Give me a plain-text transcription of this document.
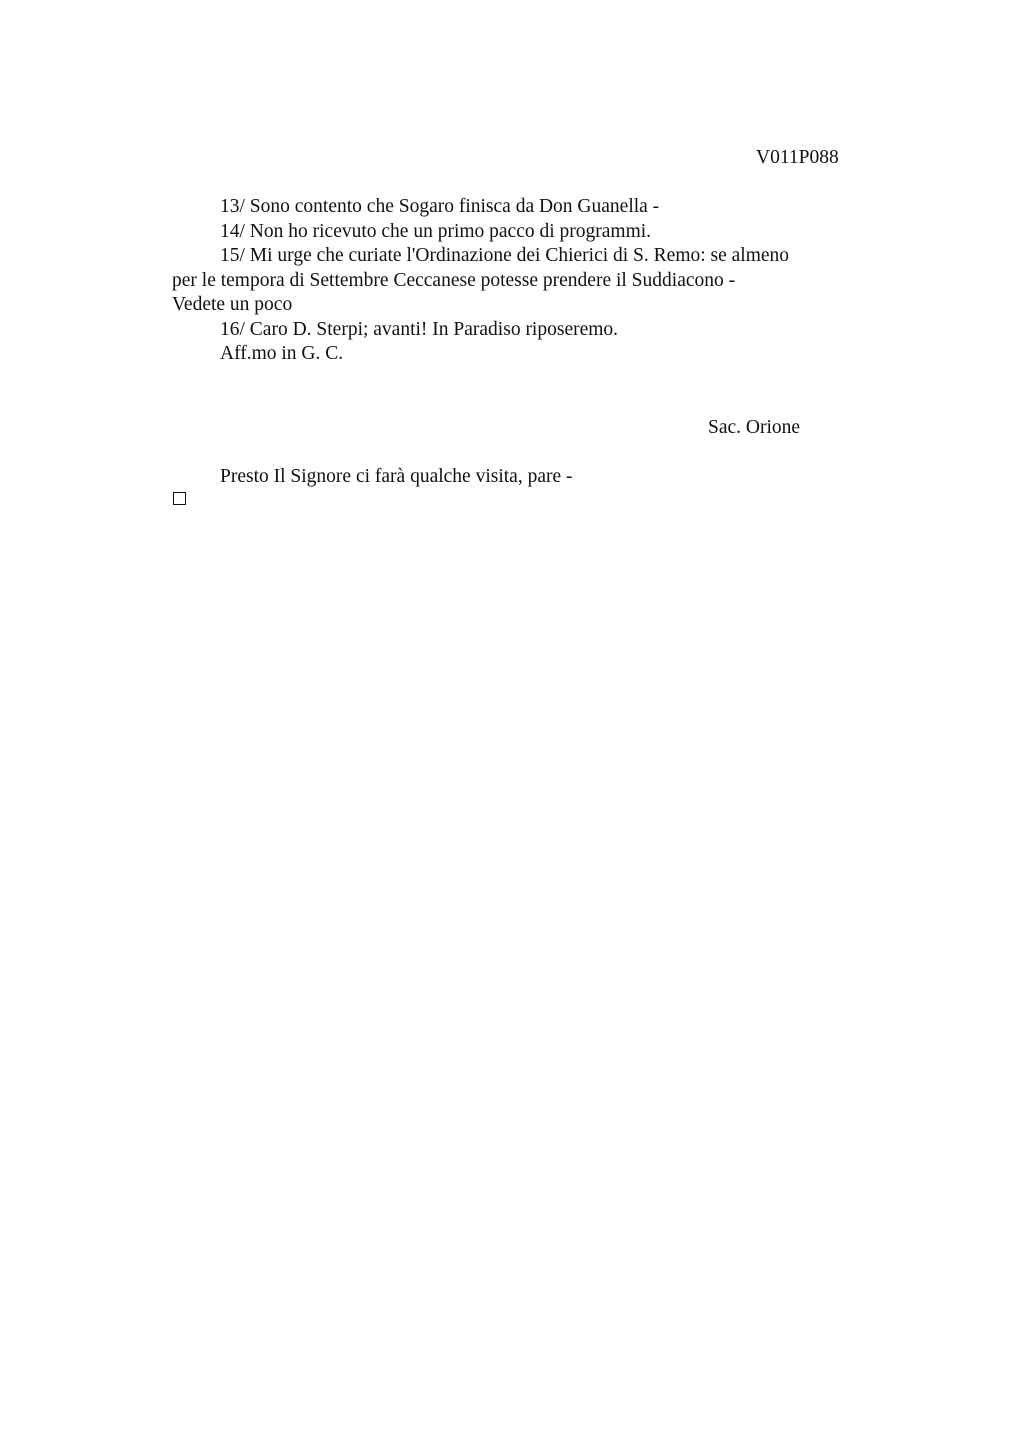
V011P088
13/ Sono contento che Sogaro finisca da Don Guanella -
14/ Non ho ricevuto che un primo pacco di programmi.
15/ Mi urge che curiate l'Ordinazione dei Chierici di S. Remo: se almeno
per le tempora di Settembre Ceccanese potesse prendere il Suddiacono -
Vedete un poco
16/ Caro D. Sterpi; avanti! In Paradiso riposeremo.
Aff.mo in G. C.
Sac. Orione
Presto Il Signore ci farà qualche visita, pare -
